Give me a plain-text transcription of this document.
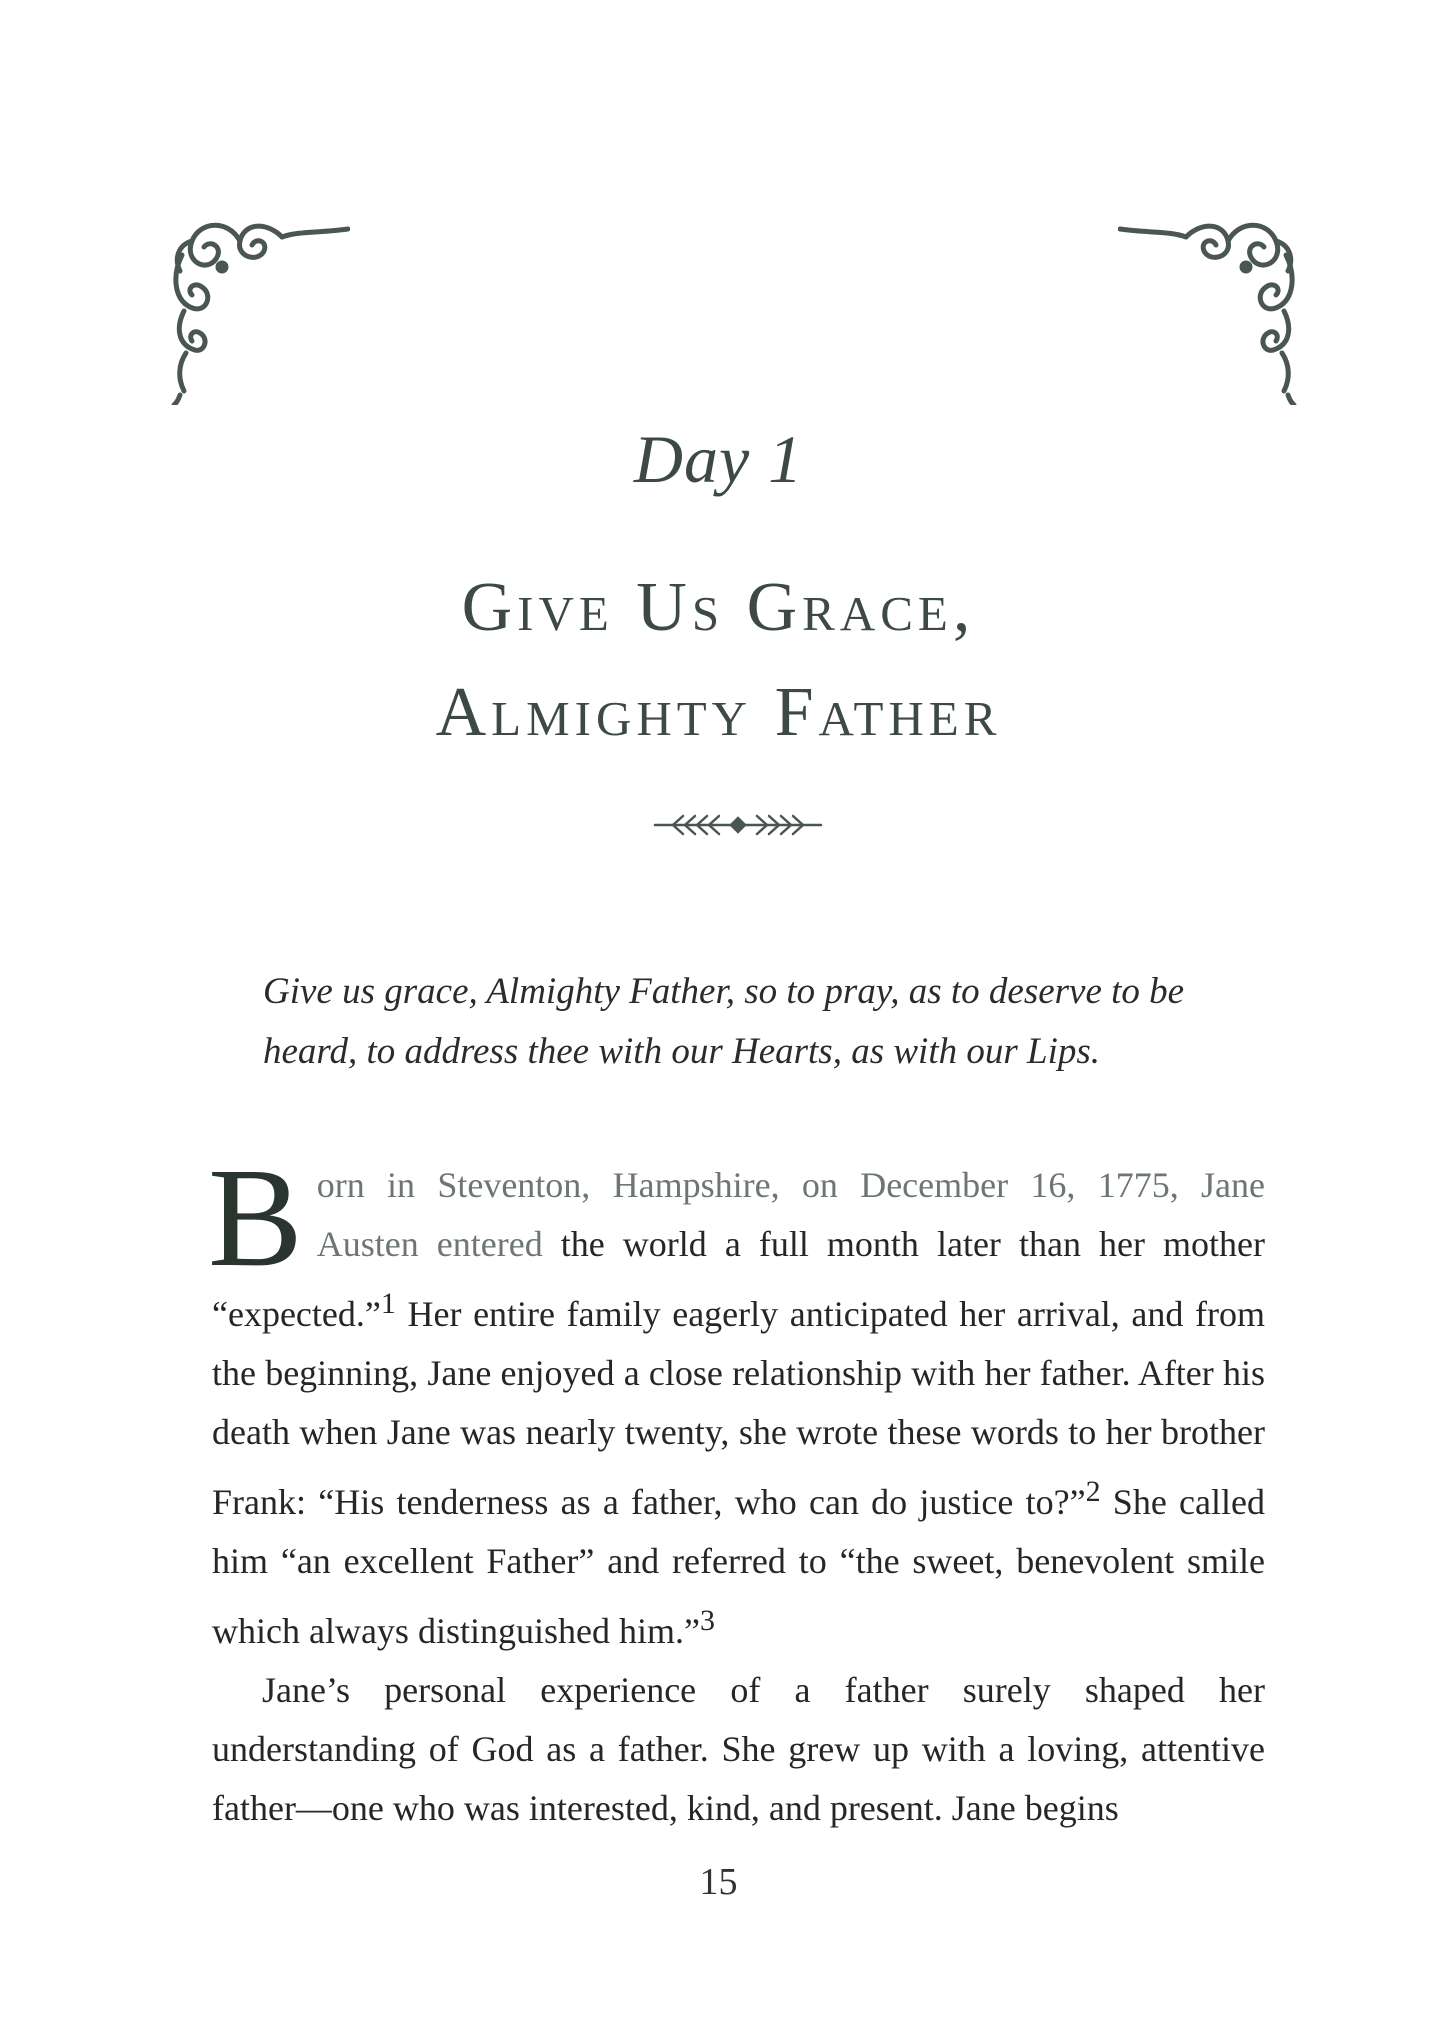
Day 1
Give Us Grace,
Almighty Father

Give us grace, Almighty Father, so to pray, as to deserve to be heard, to address thee with our Hearts, as with our Lips.

Born in Steventon, Hampshire, on December 16, 1775, Jane Austen entered the world a full month later than her mother “expected.”$^1$ Her entire family eagerly anticipated her arrival, and from the beginning, Jane enjoyed a close relationship with her father. After his death when Jane was nearly twenty, she wrote these words to her brother Frank: “His tenderness as a father, who can do justice to?”$^2$ She called him “an excellent Father” and referred to “the sweet, benevolent smile which always distinguished him.”$^3$

Jane’s personal experience of a father surely shaped her understanding of God as a father. She grew up with a loving, attentive father—one who was interested, kind, and present. Jane begins

15
